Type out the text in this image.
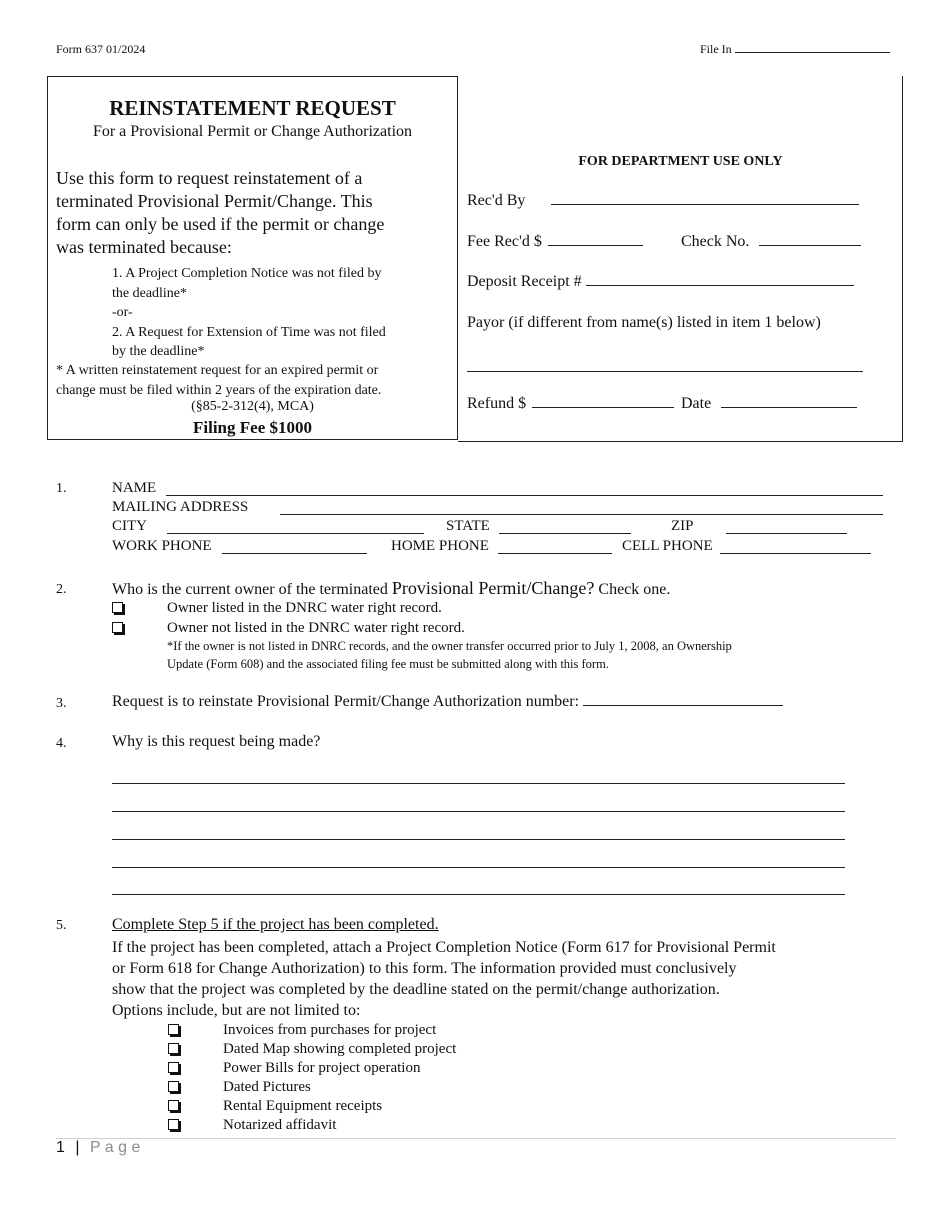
Form 637 01/2024	File In
REINSTATEMENT REQUEST
For a Provisional Permit or Change Authorization
Use this form to request reinstatement of a
terminated Provisional Permit/Change. This
form can only be used if the permit or change
was terminated because:
1. A Project Completion Notice was not filed by
the deadline*
-or-
2. A Request for Extension of Time was not filed
by the deadline*
* A written reinstatement request for an expired permit or
change must be filed within 2 years of the expiration date.
(§85-2-312(4), MCA)
Filing Fee $1000
FOR DEPARTMENT USE ONLY
Rec'd By
Fee Rec'd $	Check No.
Deposit Receipt #
Payor (if different from name(s) listed in item 1 below)
Refund $	Date
1.	NAME
MAILING ADDRESS
CITY	STATE	ZIP
WORK PHONE	HOME PHONE	CELL PHONE
2.	Who is the current owner of the terminated Provisional Permit/Change? Check one.
Owner listed in the DNRC water right record.
Owner not listed in the DNRC water right record.
*If the owner is not listed in DNRC records, and the owner transfer occurred prior to July 1, 2008, an Ownership
Update (Form 608) and the associated filing fee must be submitted along with this form.
3.	Request is to reinstate Provisional Permit/Change Authorization number:
4.	Why is this request being made?
5.	Complete Step 5 if the project has been completed.
If the project has been completed, attach a Project Completion Notice (Form 617 for Provisional Permit
or Form 618 for Change Authorization) to this form. The information provided must conclusively
show that the project was completed by the deadline stated on the permit/change authorization.
Options include, but are not limited to:
Invoices from purchases for project
Dated Map showing completed project
Power Bills for project operation
Dated Pictures
Rental Equipment receipts
Notarized affidavit
1 | P a g e
